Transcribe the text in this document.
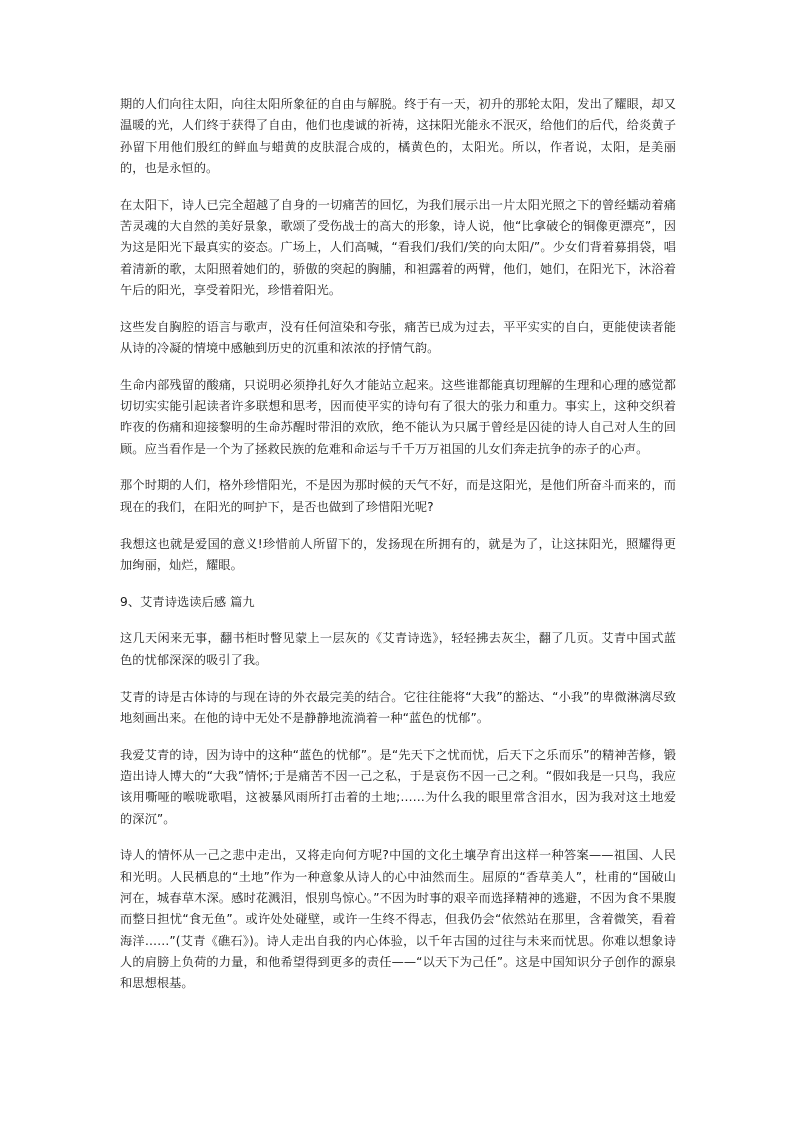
期的人们向往太阳，向往太阳所象征的自由与解脱。终于有一天，初升的那轮太阳，发出了耀眼，却又温暖的光，人们终于获得了自由，他们也虔诚的祈祷，这抹阳光能永不泯灭，给他们的后代，给炎黄子孙留下用他们殷红的鲜血与蜡黄的皮肤混合成的，橘黄色的，太阳光。所以，作者说，太阳，是美丽的，也是永恒的。

在太阳下，诗人已完全超越了自身的一切痛苦的回忆，为我们展示出一片太阳光照之下的曾经蠕动着痛苦灵魂的大自然的美好景象，歌颂了受伤战士的高大的形象，诗人说，他“比拿破仑的铜像更漂亮”，因为这是阳光下最真实的姿态。广场上，人们高喊，“看我们/我们/笑的向太阳/”。少女们背着募捐袋，唱着清新的歌，太阳照着她们的，骄傲的突起的胸脯，和袒露着的两臂，他们，她们，在阳光下，沐浴着午后的阳光，享受着阳光，珍惜着阳光。

这些发自胸腔的语言与歌声，没有任何渲染和夸张，痛苦已成为过去，平平实实的自白，更能使读者能从诗的冷凝的情境中感触到历史的沉重和浓浓的抒情气韵。

生命内部残留的酸痛，只说明必须挣扎好久才能站立起来。这些谁都能真切理解的生理和心理的感觉都切切实实能引起读者许多联想和思考，因而使平实的诗句有了很大的张力和重力。事实上，这种交织着昨夜的伤痛和迎接黎明的生命苏醒时带泪的欢欣，绝不能认为只属于曾经是囚徒的诗人自己对人生的回顾。应当看作是一个为了拯救民族的危难和命运与千千万万祖国的儿女们奔走抗争的赤子的心声。

那个时期的人们，格外珍惜阳光，不是因为那时候的天气不好，而是这阳光，是他们所奋斗而来的，而现在的我们，在阳光的呵护下，是否也做到了珍惜阳光呢?

我想这也就是爱国的意义!珍惜前人所留下的，发扬现在所拥有的，就是为了，让这抹阳光，照耀得更加绚丽，灿烂，耀眼。

9、艾青诗选读后感 篇九

这几天闲来无事，翻书柜时瞥见蒙上一层灰的《艾青诗选》，轻轻拂去灰尘，翻了几页。艾青中国式蓝色的忧郁深深的吸引了我。

艾青的诗是古体诗的与现在诗的外衣最完美的结合。它往往能将“大我”的豁达、“小我”的卑微淋漓尽致地刻画出来。在他的诗中无处不是静静地流淌着一种“蓝色的忧郁”。

我爱艾青的诗，因为诗中的这种“蓝色的忧郁”。是“先天下之忧而忧，后天下之乐而乐”的精神苦修，锻造出诗人博大的“大我”情怀;于是痛苦不因一己之私，于是哀伤不因一己之利。“假如我是一只鸟，我应该用嘶哑的喉咙歌唱，这被暴风雨所打击着的土地;……为什么我的眼里常含泪水，因为我对这土地爱的深沉”。

诗人的情怀从一己之悲中走出，又将走向何方呢?中国的文化土壤孕育出这样一种答案——祖国、人民和光明。人民栖息的“土地”作为一种意象从诗人的心中油然而生。屈原的“香草美人”，杜甫的“国破山河在，城春草木深。感时花溅泪，恨别鸟惊心。”不因为时事的艰辛而选择精神的逃避，不因为食不果腹而整日担忧“食无鱼”。或许处处碰壁，或许一生终不得志，但我仍会“依然站在那里，含着微笑，看着海洋……”(艾青《礁石》)。诗人走出自我的内心体验，以千年古国的过往与未来而忧思。你难以想象诗人的肩膀上负荷的力量，和他希望得到更多的责任——“以天下为己任”。这是中国知识分子创作的源泉和思想根基。
